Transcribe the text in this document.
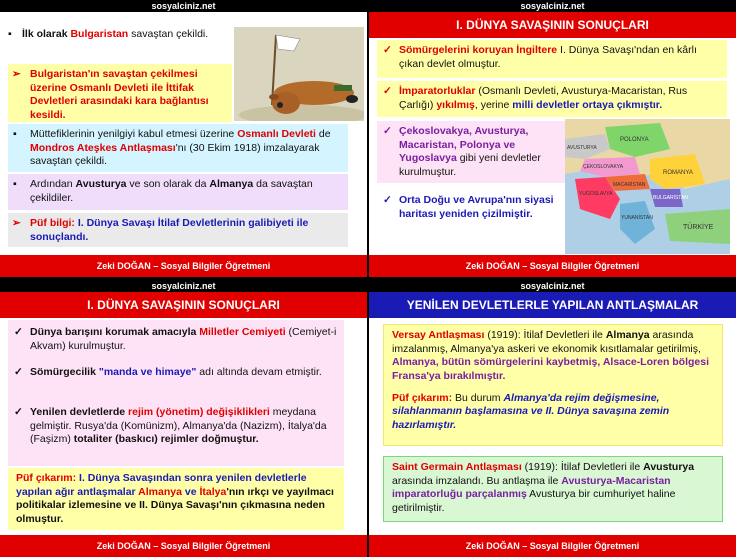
sosyalciniz.net
▪ İlk olarak Bulgaristan savaştan çekildi.
➢ Bulgaristan'ın savaştan çekilmesi üzerine Osmanlı Devleti ile İttifak Devletleri arasındaki kara bağlantısı kesildi.
▪ Müttefiklerinin yenilgiyi kabul etmesi üzerine Osmanlı Devleti de Mondros Ateşkes Antlaşması'nı (30 Ekim 1918) imzalayarak savaştan çekildi.
▪ Ardından Avusturya ve son olarak da Almanya da savaştan çekildiler.
➢ Püf bilgi: I. Dünya Savaşı İtilaf Devletlerinin galibiyeti ile sonuçlandı.
Zeki DOĞAN – Sosyal Bilgiler Öğretmeni
sosyalciniz.net
I. DÜNYA SAVAŞININ SONUÇLARI
✓ Sömürgelerini koruyan İngiltere I. Dünya Savaşı'ndan en kârlı çıkan devlet olmuştur.
✓ İmparatorluklar (Osmanlı Devleti, Avusturya-Macaristan, Rus Çarlığı) yıkılmış, yerine milli devletler ortaya çıkmıştır.
✓ Çekoslovakya, Avusturya, Macaristan, Polonya ve Yugoslavya gibi yeni devletler kurulmuştur.
✓ Orta Doğu ve Avrupa'nın siyasi haritası yeniden çizilmiştir.
Zeki DOĞAN – Sosyal Bilgiler Öğretmeni
POLONYA
ÇEKOSLOVAKYA
AVUSTURYA
MACARİSTAN
YUGOSLAVYA
ROMANYA
BULGARİSTAN
YUNANİSTAN
TÜRKİYE
sosyalciniz.net
I. DÜNYA SAVAŞININ SONUÇLARI
✓ Dünya barışını korumak amacıyla Milletler Cemiyeti (Cemiyet-i Akvam) kurulmuştur.
✓ Sömürgecilik "manda ve himaye" adı altında devam etmiştir.
✓ Yenilen devletlerde rejim (yönetim) değişiklikleri meydana gelmiştir. Rusya'da (Komünizm), Almanya'da (Nazizm), İtalya'da (Faşizm) totaliter (baskıcı) rejimler doğmuştur.
Püf çıkarım: I. Dünya Savaşından sonra yenilen devletlerle yapılan ağır antlaşmalar Almanya ve İtalya'nın ırkçı ve yayılmacı politikalar izlemesine ve II. Dünya Savaşı'nın çıkmasına neden olmuştur.
Zeki DOĞAN – Sosyal Bilgiler Öğretmeni
sosyalciniz.net
YENİLEN DEVLETLERLE YAPILAN ANTLAŞMALAR
Versay Antlaşması (1919): İtilaf Devletleri ile Almanya arasında imzalanmış, Almanya'ya askeri ve ekonomik kısıtlamalar getirilmiş, Almanya, bütün sömürgelerini kaybetmiş, Alsace-Loren bölgesi Fransa'ya bırakılmıştır.
Püf çıkarım: Bu durum Almanya'da rejim değişmesine, silahlanmanın başlamasına ve II. Dünya savaşına zemin hazırlamıştır.
Saint Germain Antlaşması (1919): İtilaf Devletleri ile Avusturya arasında imzalandı. Bu antlaşma ile Avusturya-Macaristan imparatorluğu parçalanmış Avusturya bir cumhuriyet haline getirilmiştir.
Zeki DOĞAN – Sosyal Bilgiler Öğretmeni
